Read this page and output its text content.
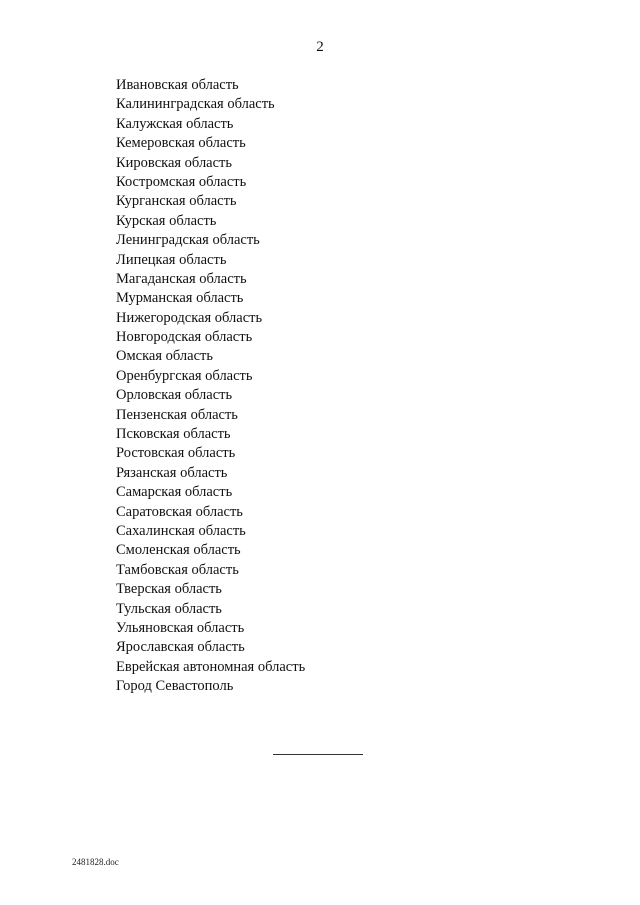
2
Ивановская область
Калининградская область
Калужская область
Кемеровская область
Кировская область
Костромская область
Курганская область
Курская область
Ленинградская область
Липецкая область
Магаданская область
Мурманская область
Нижегородская область
Новгородская область
Омская область
Оренбургская область
Орловская область
Пензенская область
Псковская область
Ростовская область
Рязанская область
Самарская область
Саратовская область
Сахалинская область
Смоленская область
Тамбовская область
Тверская область
Тульская область
Ульяновская область
Ярославская область
Еврейская автономная область
Город Севастополь
2481828.doc
